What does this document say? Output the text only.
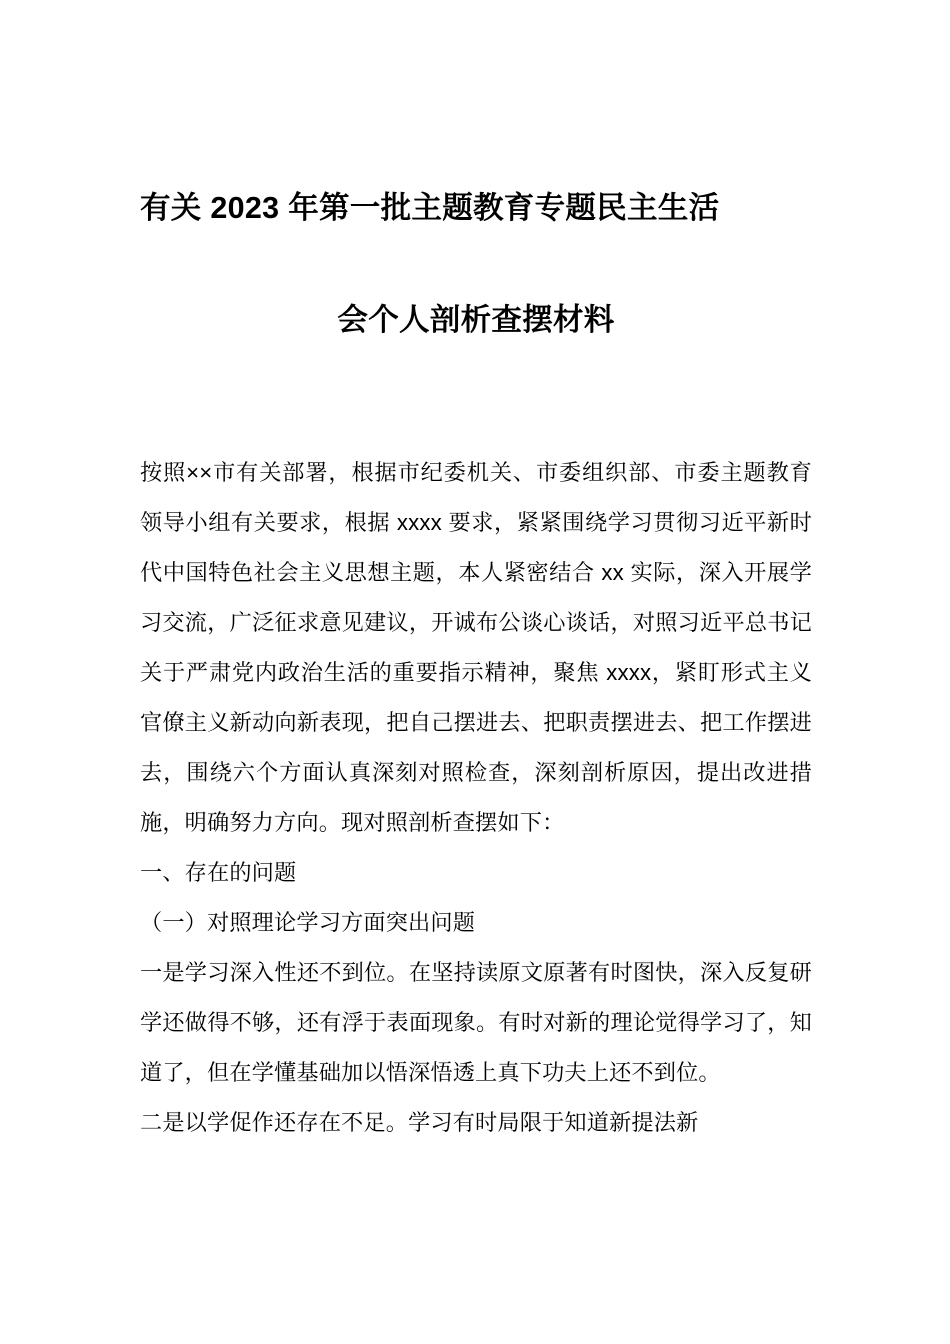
有关 2023 年第一批主题教育专题民主生活
会个人剖析查摆材料

按照××市有关部署，根据市纪委机关、市委组织部、市委主题教育领导小组有关要求，根据 xxxx 要求，紧紧围绕学习贯彻习近平新时代中国特色社会主义思想主题，本人紧密结合 xx 实际，深入开展学习交流，广泛征求意见建议，开诚布公谈心谈话，对照习近平总书记关于严肃党内政治生活的重要指示精神，聚焦 xxxx，紧盯形式主义官僚主义新动向新表现，把自己摆进去、把职责摆进去、把工作摆进去，围绕六个方面认真深刻对照检查，深刻剖析原因，提出改进措施，明确努力方向。现对照剖析查摆如下：

一、存在的问题

（一）对照理论学习方面突出问题

一是学习深入性还不到位。在坚持读原文原著有时图快，深入反复研学还做得不够，还有浮于表面现象。有时对新的理论觉得学习了，知道了，但在学懂基础加以悟深悟透上真下功夫上还不到位。

二是以学促作还存在不足。学习有时局限于知道新提法新
